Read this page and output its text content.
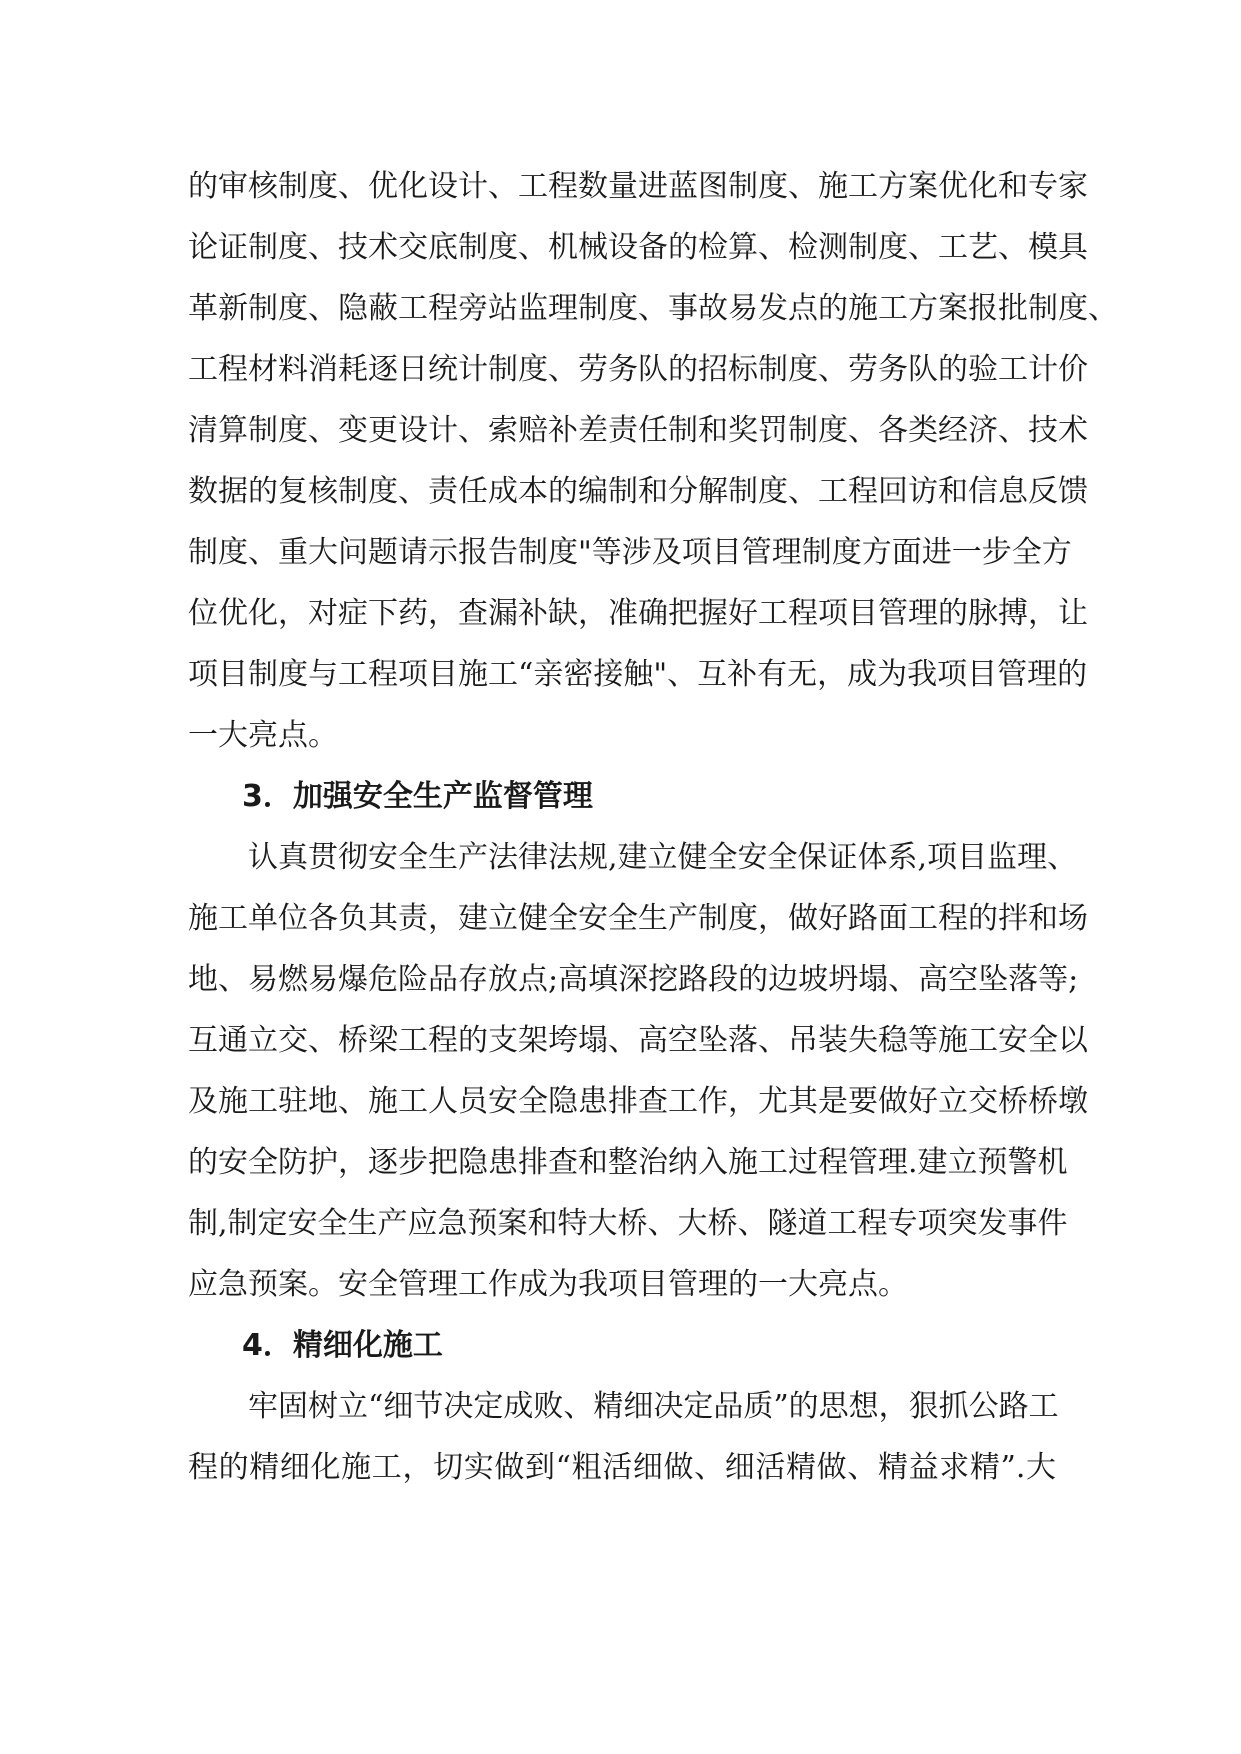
的审核制度、优化设计、工程数量进蓝图制度、施工方案优化和专家
论证制度、技术交底制度、机械设备的检算、检测制度、工艺、模具
革新制度、隐蔽工程旁站监理制度、事故易发点的施工方案报批制度、
工程材料消耗逐日统计制度、劳务队的招标制度、劳务队的验工计价
清算制度、变更设计、索赔补差责任制和奖罚制度、各类经济、技术
数据的复核制度、责任成本的编制和分解制度、工程回访和信息反馈
制度、重大问题请示报告制度"等涉及项目管理制度方面进一步全方
位优化，对症下药，查漏补缺，准确把握好工程项目管理的脉搏，让
项目制度与工程项目施工“亲密接触"、互补有无，成为我项目管理的
一大亮点。
3．加强安全生产监督管理
认真贯彻安全生产法律法规,建立健全安全保证体系,项目监理、
施工单位各负其责，建立健全安全生产制度，做好路面工程的拌和场
地、易燃易爆危险品存放点;高填深挖路段的边坡坍塌、高空坠落等;
互通立交、桥梁工程的支架垮塌、高空坠落、吊装失稳等施工安全以
及施工驻地、施工人员安全隐患排查工作，尤其是要做好立交桥桥墩
的安全防护，逐步把隐患排查和整治纳入施工过程管理.建立预警机
制,制定安全生产应急预案和特大桥、大桥、隧道工程专项突发事件
应急预案。安全管理工作成为我项目管理的一大亮点。
4．精细化施工
牢固树立“细节决定成败、精细决定品质”的思想，狠抓公路工
程的精细化施工，切实做到“粗活细做、细活精做、精益求精”.大
